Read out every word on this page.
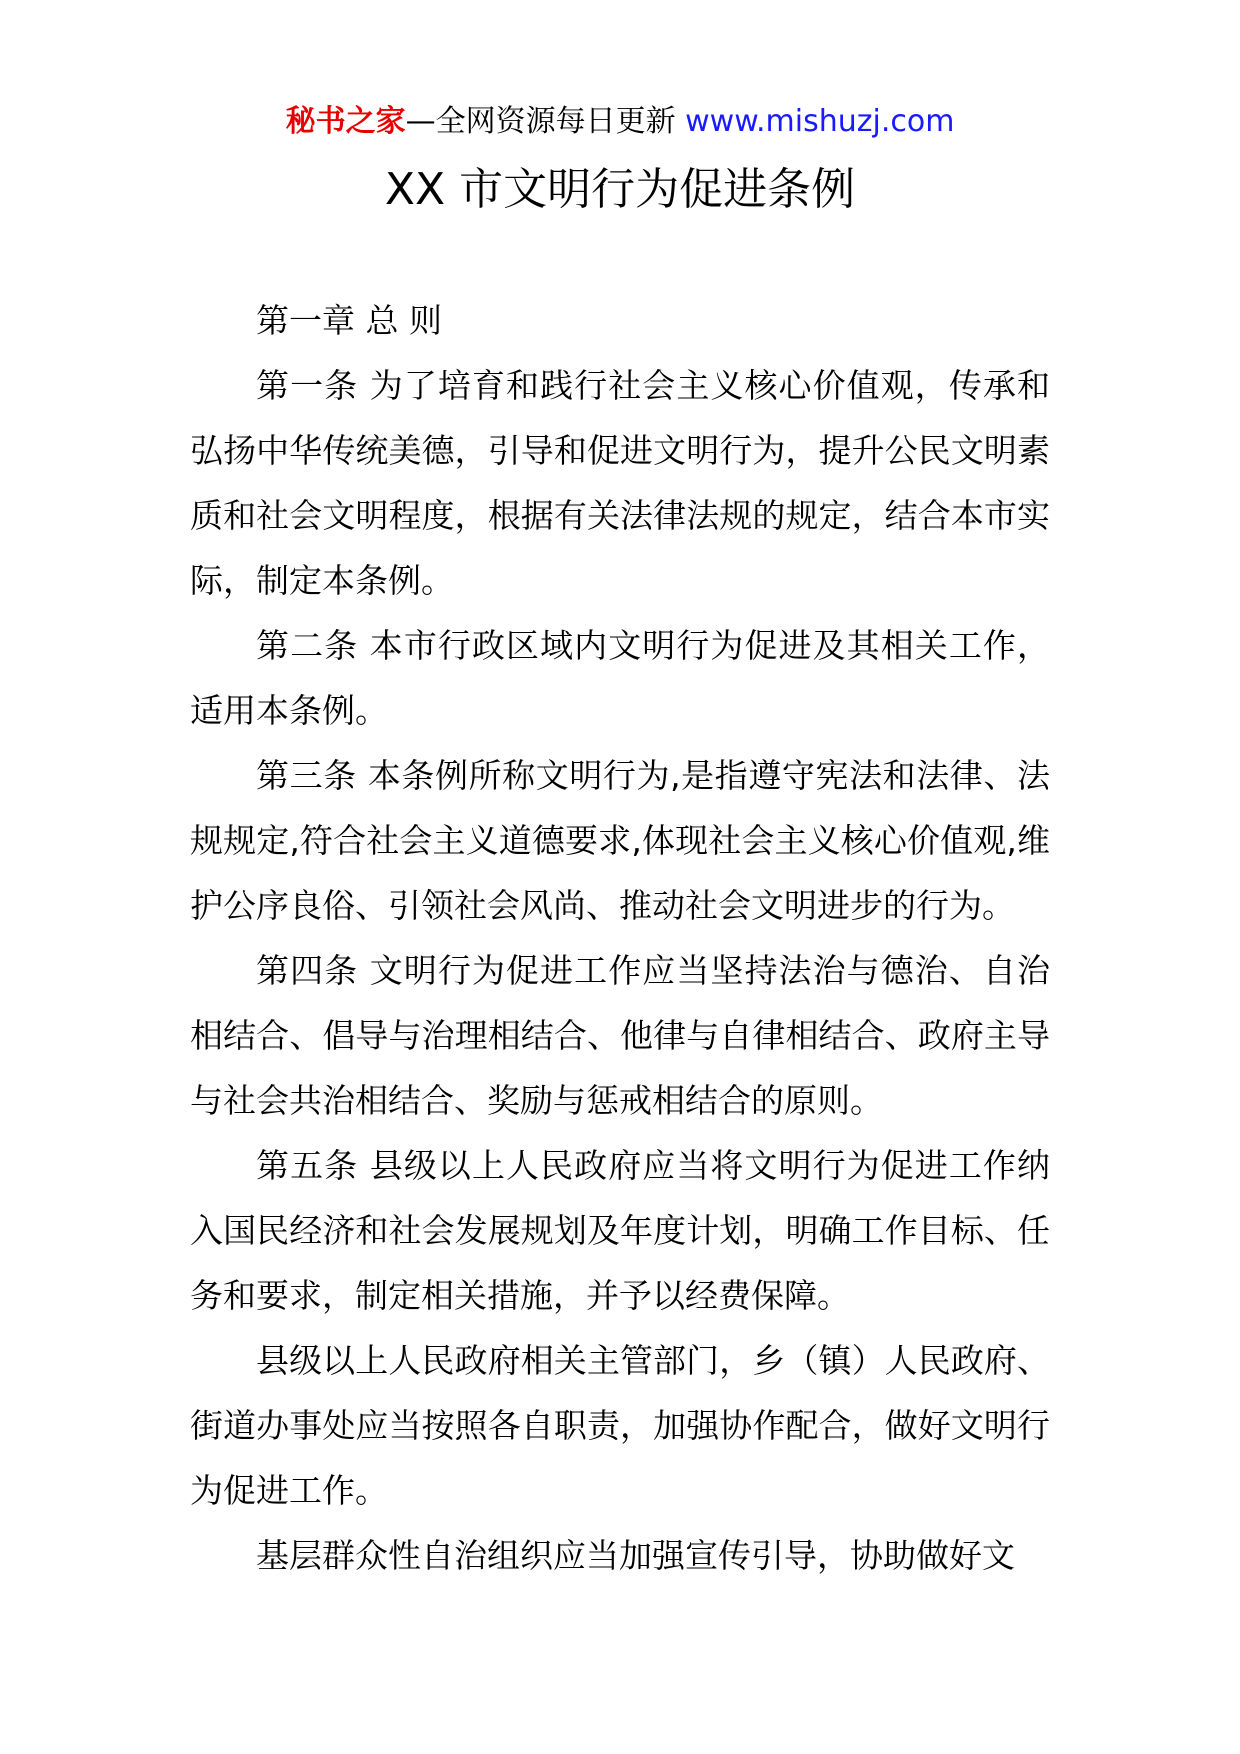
秘书之家—全网资源每日更新 www.mishuzj.com
XX 市文明行为促进条例

第一章 总 则

第一条 为了培育和践行社会主义核心价值观，传承和弘扬中华传统美德，引导和促进文明行为，提升公民文明素质和社会文明程度，根据有关法律法规的规定，结合本市实际，制定本条例。

第二条 本市行政区域内文明行为促进及其相关工作，适用本条例。

第三条 本条例所称文明行为,是指遵守宪法和法律、法规规定,符合社会主义道德要求,体现社会主义核心价值观,维护公序良俗、引领社会风尚、推动社会文明进步的行为。

第四条 文明行为促进工作应当坚持法治与德治、自治相结合、倡导与治理相结合、他律与自律相结合、政府主导与社会共治相结合、奖励与惩戒相结合的原则。

第五条 县级以上人民政府应当将文明行为促进工作纳入国民经济和社会发展规划及年度计划，明确工作目标、任务和要求，制定相关措施，并予以经费保障。

县级以上人民政府相关主管部门，乡（镇）人民政府、街道办事处应当按照各自职责，加强协作配合，做好文明行为促进工作。

基层群众性自治组织应当加强宣传引导，协助做好文
